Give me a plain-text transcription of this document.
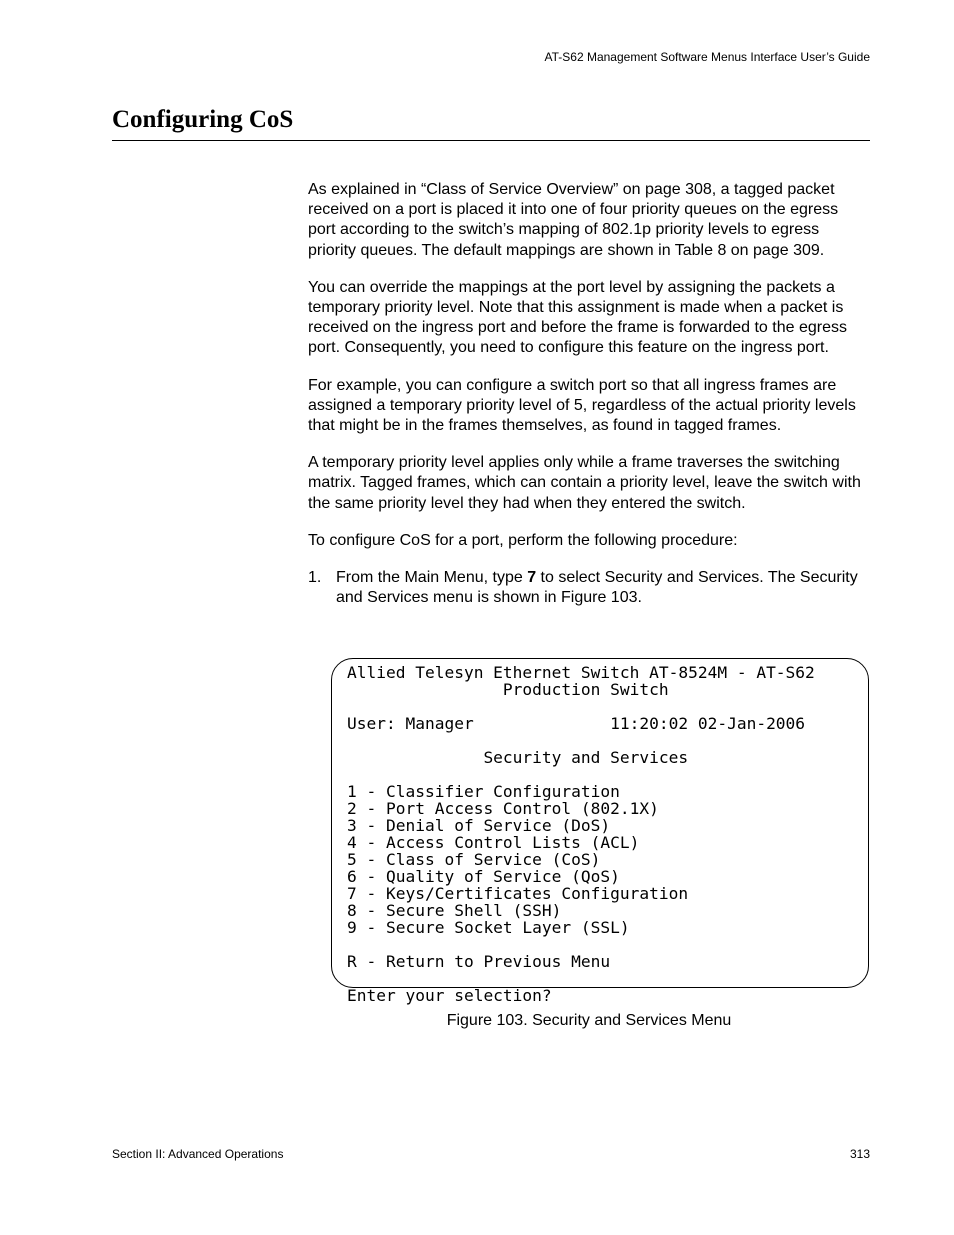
AT-S62 Management Software Menus Interface User’s Guide
Configuring CoS

As explained in “Class of Service Overview” on page 308, a tagged packet received on a port is placed it into one of four priority queues on the egress port according to the switch’s mapping of 802.1p priority levels to egress priority queues. The default mappings are shown in Table 8 on page 309.

You can override the mappings at the port level by assigning the packets a temporary priority level. Note that this assignment is made when a packet is received on the ingress port and before the frame is forwarded to the egress port. Consequently, you need to configure this feature on the ingress port.

For example, you can configure a switch port so that all ingress frames are assigned a temporary priority level of 5, regardless of the actual priority levels that might be in the frames themselves, as found in tagged frames.

A temporary priority level applies only while a frame traverses the switching matrix. Tagged frames, which can contain a priority level, leave the switch with the same priority level they had when they entered the switch.

To configure CoS for a port, perform the following procedure:

1. From the Main Menu, type 7 to select Security and Services. The Security and Services menu is shown in Figure 103.
Allied Telesyn Ethernet Switch AT-8524M - AT-S62
Production Switch

User: Manager              11:20:02 02-Jan-2006

Security and Services

1 - Classifier Configuration
2 - Port Access Control (802.1X)
3 - Denial of Service (DoS)
4 - Access Control Lists (ACL)
5 - Class of Service (CoS)
6 - Quality of Service (QoS)
7 - Keys/Certificates Configuration
8 - Secure Shell (SSH)
9 - Secure Socket Layer (SSL)

R - Return to Previous Menu

Enter your selection?
Figure 103. Security and Services Menu
Section II: Advanced Operations	313
